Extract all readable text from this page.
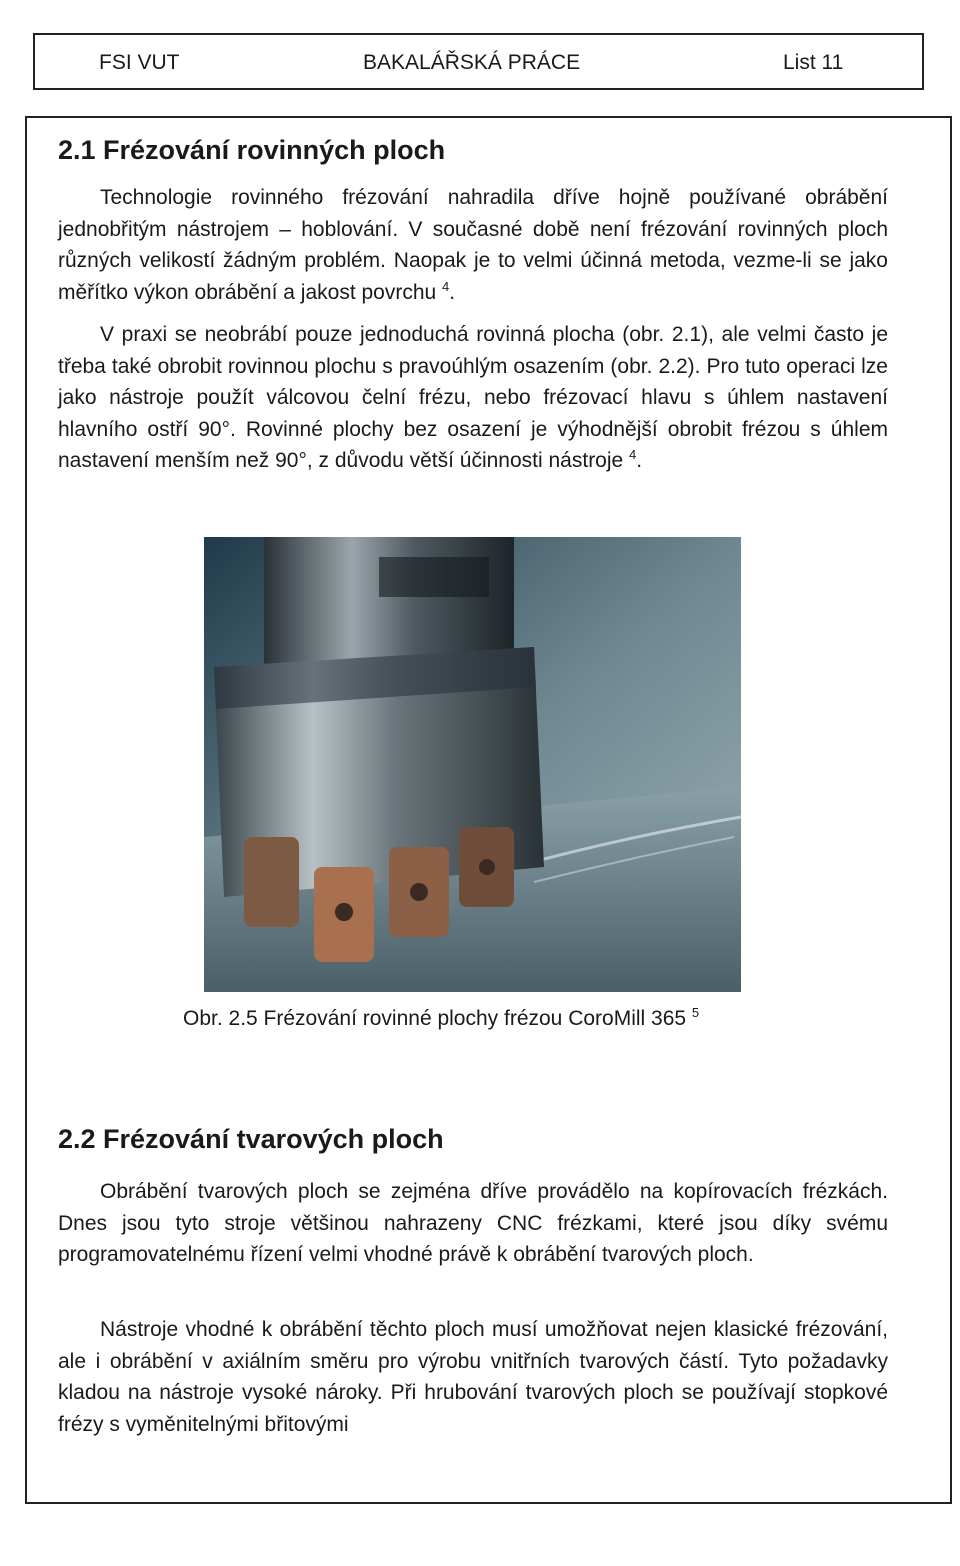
FSI VUT	BAKALÁŘSKÁ PRÁCE	List 11
2.1 Frézování rovinných ploch

Technologie rovinného frézování nahradila dříve hojně používané obrábění jednobřitým nástrojem – hoblování. V současné době není frézování rovinných ploch různých velikostí žádným problém. Naopak je to velmi účinná metoda, vezme-li se jako měřítko výkon obrábění a jakost povrchu $^4$.

V praxi se neobrábí pouze jednoduchá rovinná plocha (obr. 2.1), ale velmi často je třeba také obrobit rovinnou plochu s pravoúhlým osazením (obr. 2.2). Pro tuto operaci lze jako nástroje použít válcovou čelní frézu, nebo frézovací hlavu s úhlem nastavení hlavního ostří 90°. Rovinné plochy bez osazení je výhodnější obrobit frézou s úhlem nastavení menším než 90°, z důvodu větší účinnosti nástroje $^4$.

Obr. 2.5 Frézování rovinné plochy frézou CoroMill 365 $^5$

2.2 Frézování tvarových ploch

Obrábění tvarových ploch se zejména dříve provádělo na kopírovacích frézkách. Dnes jsou tyto stroje většinou nahrazeny CNC frézkami, které jsou díky svému programovatelnému řízení velmi vhodné právě k obrábění tvarových ploch.

Nástroje vhodné k obrábění těchto ploch musí umožňovat nejen klasické frézování, ale i obrábění v axiálním směru pro výrobu vnitřních tvarových částí. Tyto požadavky kladou na nástroje vysoké nároky. Při hrubování tvarových ploch se používají stopkové frézy s vyměnitelnými břitovými
